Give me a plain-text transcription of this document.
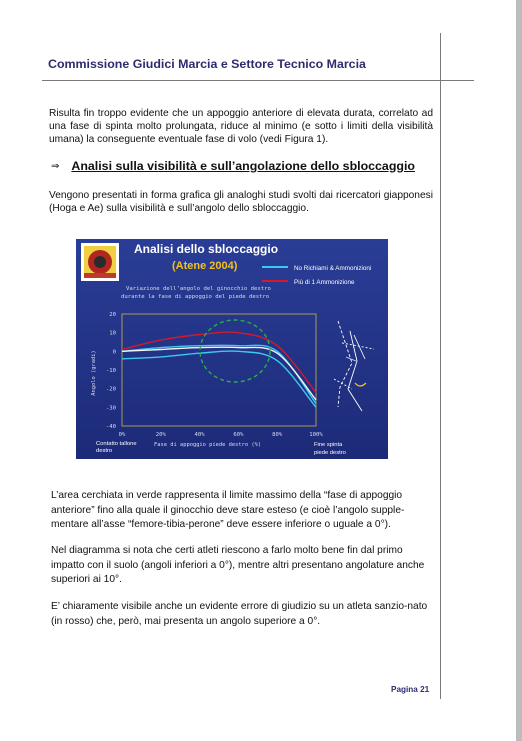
Commissione Giudici Marcia e Settore Tecnico Marcia

Risulta fin troppo evidente che un appoggio anteriore di elevata durata, correlato ad una fase di spinta molto prolungata, riduce al minimo (e sotto i limiti della visibilità umana) la conseguente eventuale fase di volo (vedi Figura 1).

⇒ Analisi sulla visibilità e sull’angolazione dello sbloccaggio

Vengono presentati in forma grafica gli analoghi studi svolti dai ricercatori giapponesi (Hoga e Ae) sulla visibilità e sull’angolo dello sbloccaggio.

Analisi dello sbloccaggio
(Atene 2004)	No Richiami & Ammonizioni
Più di 1 Ammonizione
Variazione dell’angolo del ginocchio destro
durante la fase di appoggio del piede destro
Angolo (gradi)
20
10
0
-10
-20
-30
-40
0%	20%	40%	60%	80%	100%
Contatto tallone
destro
Fase di appoggio piede destro (%)	Fine spinta
piede destro

L’area cerchiata in verde rappresenta il limite massimo della “fase di appoggio anteriore” fino alla quale il ginocchio deve stare esteso (e cioè l’angolo supple-mentare all’asse “femore-tibia-perone” deve essere inferiore o uguale a 0°).

Nel diagramma si nota che certi atleti riescono a farlo molto bene fin dal primo impatto con il suolo (angoli inferiori a 0°), mentre altri presentano angolature anche superiori ai 10°.

E’ chiaramente visibile anche un evidente errore di giudizio su un atleta sanzio-nato (in rosso) che, però, mai presenta un angolo superiore a 0°.

Pagina 21
